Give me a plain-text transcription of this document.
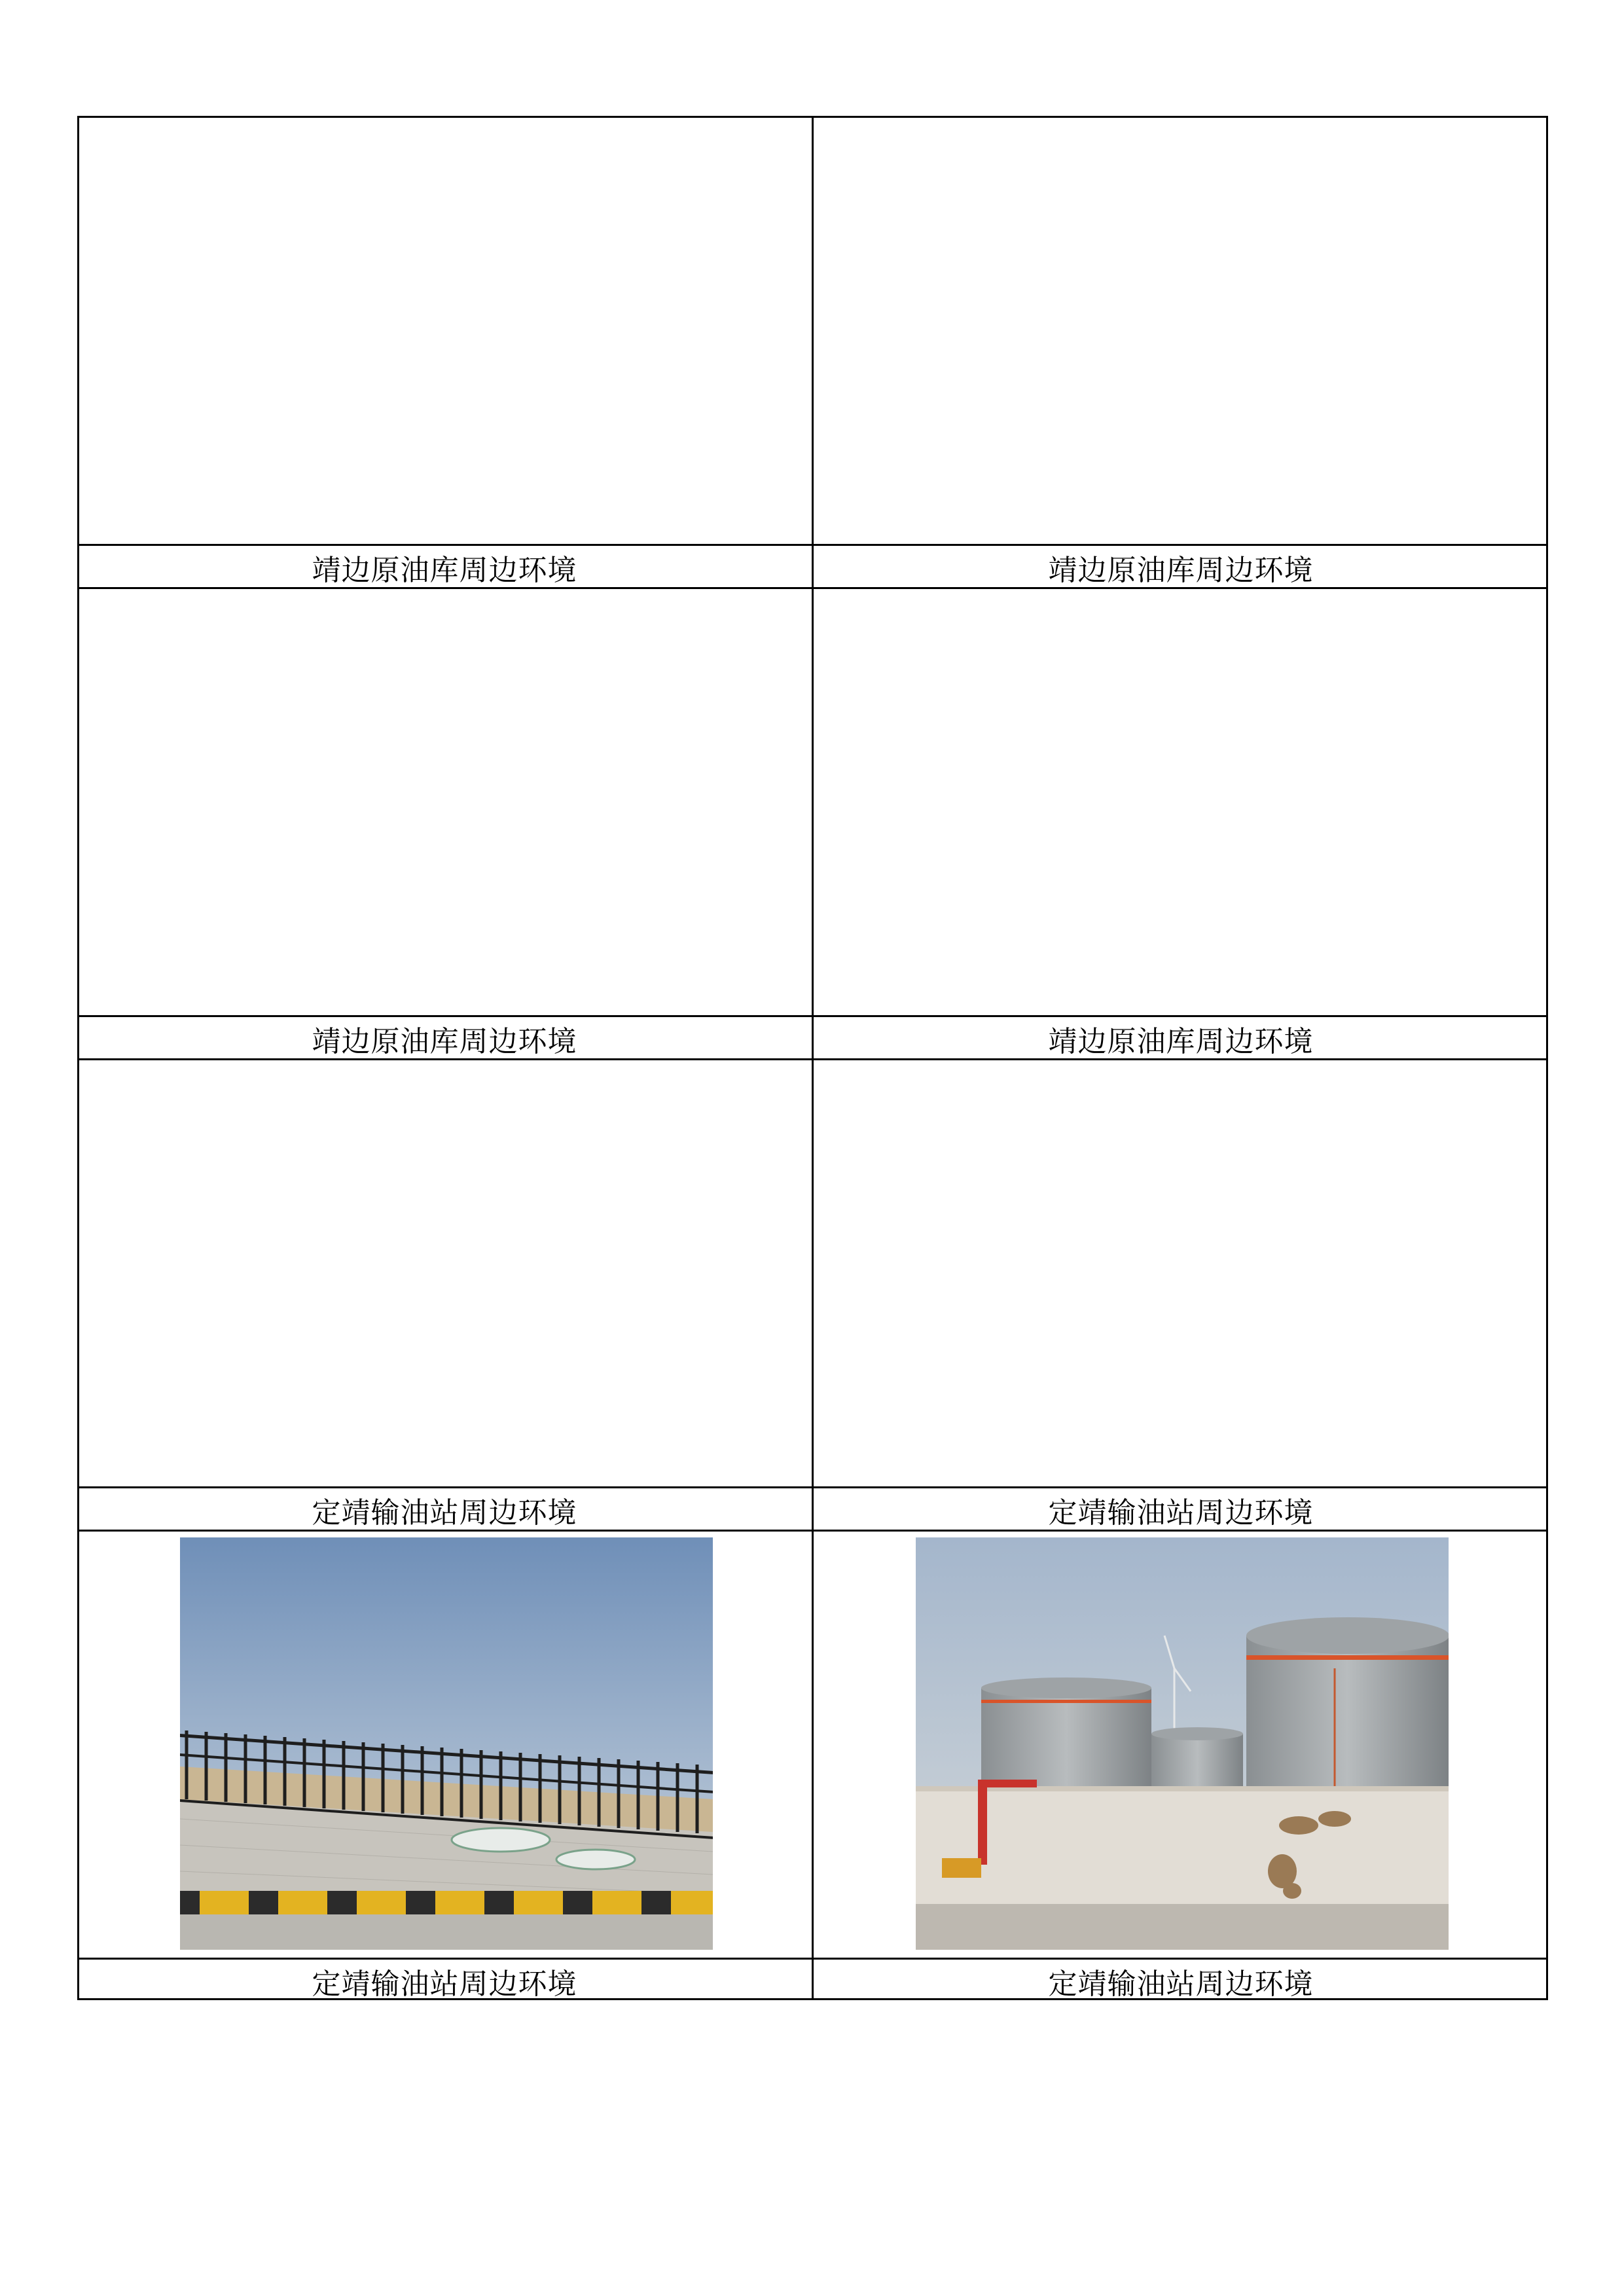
靖边原油库周边环境	靖边原油库周边环境
靖边原油库周边环境	靖边原油库周边环境
定靖输油站周边环境	定靖输油站周边环境
定靖输油站周边环境	定靖输油站周边环境
